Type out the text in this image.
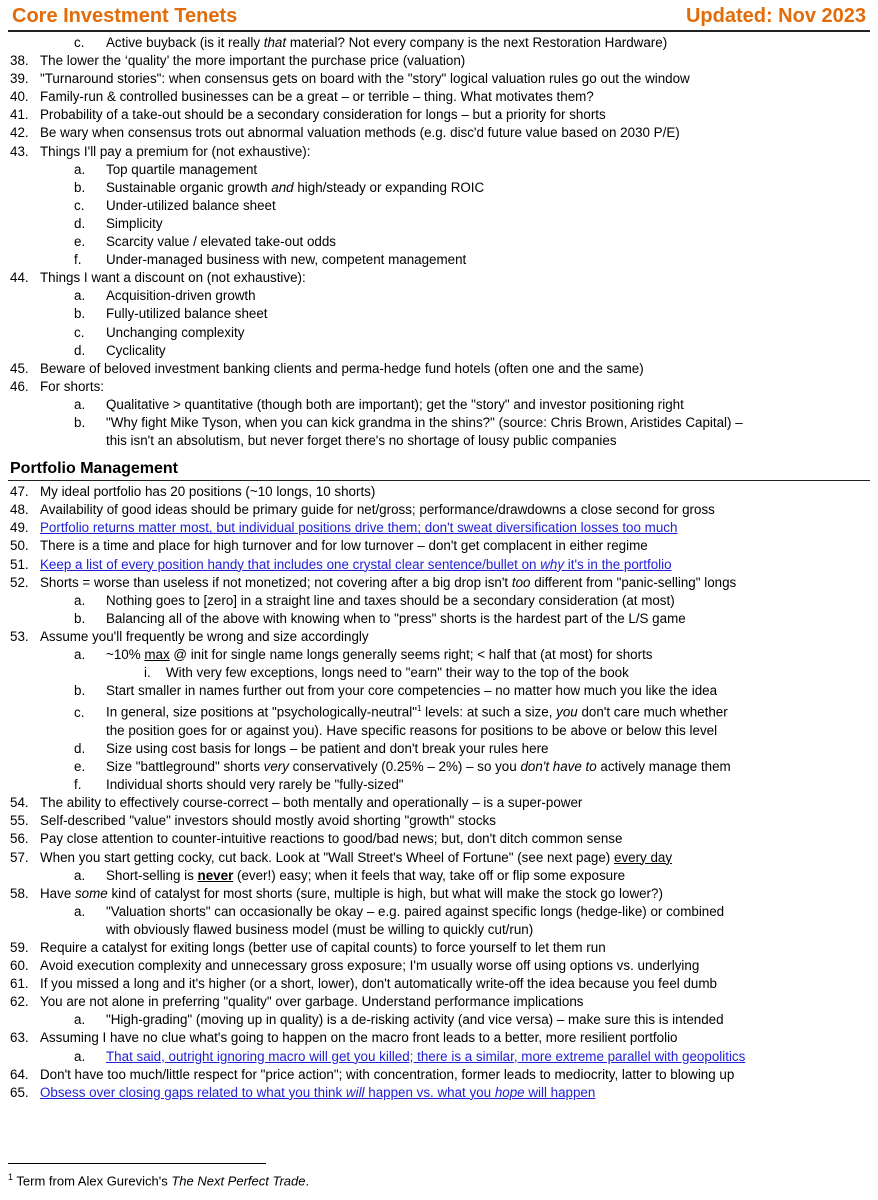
Core Investment Tenets	Updated: Nov 2023
c. Active buyback (is it really that material? Not every company is the next Restoration Hardware)
38. The lower the ‘quality’ the more important the purchase price (valuation)
39. "Turnaround stories": when consensus gets on board with the "story" logical valuation rules go out the window
40. Family-run & controlled businesses can be a great – or terrible – thing. What motivates them?
41. Probability of a take-out should be a secondary consideration for longs – but a priority for shorts
42. Be wary when consensus trots out abnormal valuation methods (e.g. disc'd future value based on 2030 P/E)
43. Things I'll pay a premium for (not exhaustive):
a. Top quartile management
b. Sustainable organic growth and high/steady or expanding ROIC
c. Under-utilized balance sheet
d. Simplicity
e. Scarcity value / elevated take-out odds
f. Under-managed business with new, competent management
44. Things I want a discount on (not exhaustive):
a. Acquisition-driven growth
b. Fully-utilized balance sheet
c. Unchanging complexity
d. Cyclicality
45. Beware of beloved investment banking clients and perma-hedge fund hotels (often one and the same)
46. For shorts:
a. Qualitative > quantitative (though both are important); get the "story" and investor positioning right
b. "Why fight Mike Tyson, when you can kick grandma in the shins?" (source: Chris Brown, Aristides Capital) –
this isn't an absolutism, but never forget there's no shortage of lousy public companies
Portfolio Management
47. My ideal portfolio has 20 positions (~10 longs, 10 shorts)
48. Availability of good ideas should be primary guide for net/gross; performance/drawdowns a close second for gross
49. Portfolio returns matter most, but individual positions drive them; don't sweat diversification losses too much
50. There is a time and place for high turnover and for low turnover – don't get complacent in either regime
51. Keep a list of every position handy that includes one crystal clear sentence/bullet on why it's in the portfolio
52. Shorts = worse than useless if not monetized; not covering after a big drop isn't too different from "panic-selling" longs
a. Nothing goes to [zero] in a straight line and taxes should be a secondary consideration (at most)
b. Balancing all of the above with knowing when to "press" shorts is the hardest part of the L/S game
53. Assume you'll frequently be wrong and size accordingly
a. ~10% max @ init for single name longs generally seems right; < half that (at most) for shorts
i. With very few exceptions, longs need to "earn" their way to the top of the book
b. Start smaller in names further out from your core competencies – no matter how much you like the idea
c. In general, size positions at "psychologically-neutral"$^1$ levels: at such a size, you don't care much whether
the position goes for or against you). Have specific reasons for positions to be above or below this level
d. Size using cost basis for longs – be patient and don't break your rules here
e. Size "battleground" shorts very conservatively (0.25% – 2%) – so you don't have to actively manage them
f. Individual shorts should very rarely be "fully-sized"
54. The ability to effectively course-correct – both mentally and operationally – is a super-power
55. Self-described "value" investors should mostly avoid shorting "growth" stocks
56. Pay close attention to counter-intuitive reactions to good/bad news; but, don't ditch common sense
57. When you start getting cocky, cut back. Look at "Wall Street's Wheel of Fortune" (see next page) every day
a. Short-selling is never (ever!) easy; when it feels that way, take off or flip some exposure
58. Have some kind of catalyst for most shorts (sure, multiple is high, but what will make the stock go lower?)
a. "Valuation shorts" can occasionally be okay – e.g. paired against specific longs (hedge-like) or combined
with obviously flawed business model (must be willing to quickly cut/run)
59. Require a catalyst for exiting longs (better use of capital counts) to force yourself to let them run
60. Avoid execution complexity and unnecessary gross exposure; I'm usually worse off using options vs. underlying
61. If you missed a long and it's higher (or a short, lower), don't automatically write-off the idea because you feel dumb
62. You are not alone in preferring "quality" over garbage. Understand performance implications
a. "High-grading" (moving up in quality) is a de-risking activity (and vice versa) – make sure this is intended
63. Assuming I have no clue what's going to happen on the macro front leads to a better, more resilient portfolio
a. That said, outright ignoring macro will get you killed; there is a similar, more extreme parallel with geopolitics
64. Don't have too much/little respect for "price action"; with concentration, former leads to mediocrity, latter to blowing up
65. Obsess over closing gaps related to what you think will happen vs. what you hope will happen
$^1$ Term from Alex Gurevich's The Next Perfect Trade.
